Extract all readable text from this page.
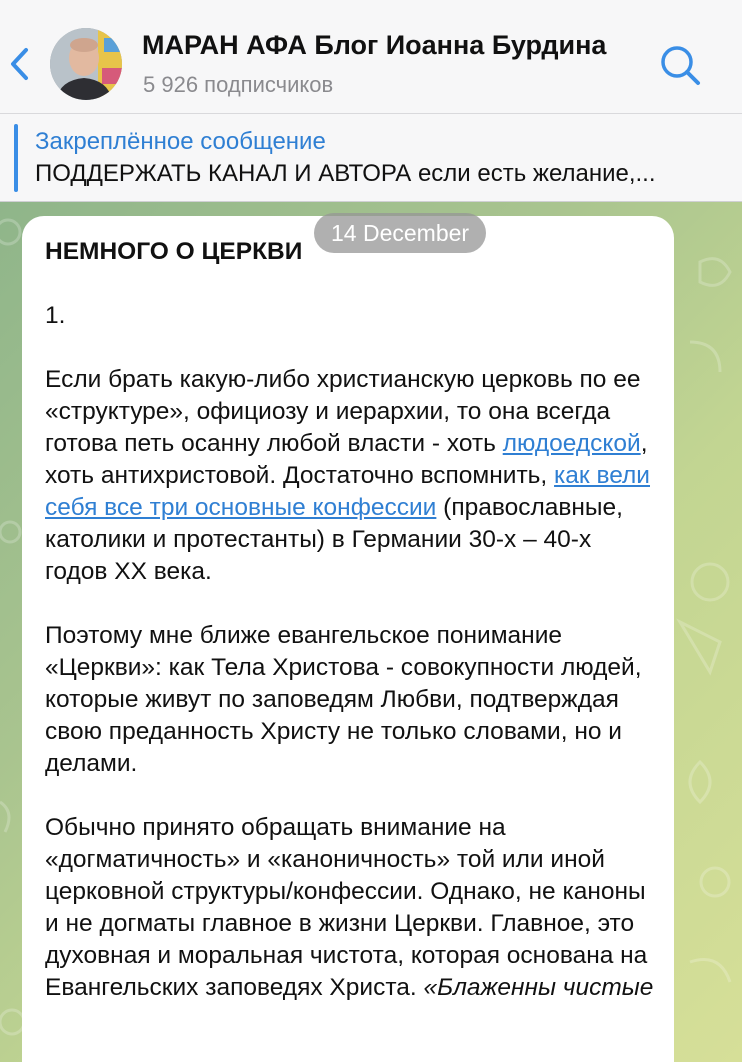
МАРАН АФА Блог Иоанна Бурдина
5 926 подписчиков
Закреплённое сообщение
ПОДДЕРЖАТЬ КАНАЛ И АВТОРА если есть желание,...

НЕМНОГО О ЦЕРКВИ

1.

Если брать какую-либо христианскую церковь по ее «структуре», официозу и иерархии, то она всегда готова петь осанну любой власти - хоть людоедской, хоть антихристовой. Достаточно вспомнить, как вели себя все три основные конфессии (православные, католики и протестанты) в Германии 30-х – 40-х годов XX века.

Поэтому мне ближе евангельское понимание «Церкви»: как Тела Христова - совокупности людей, которые живут по заповедям Любви, подтверждая свою преданность Христу не только словами, но и делами.

Обычно принято обращать внимание на «догматичность» и «каноничность» той или иной церковной структуры/конфессии. Однако, не каноны и не догматы главное в жизни Церкви. Главное, это духовная и моральная чистота, которая основана на Евангельских заповедях Христа. «Блаженны чистые

14 December
